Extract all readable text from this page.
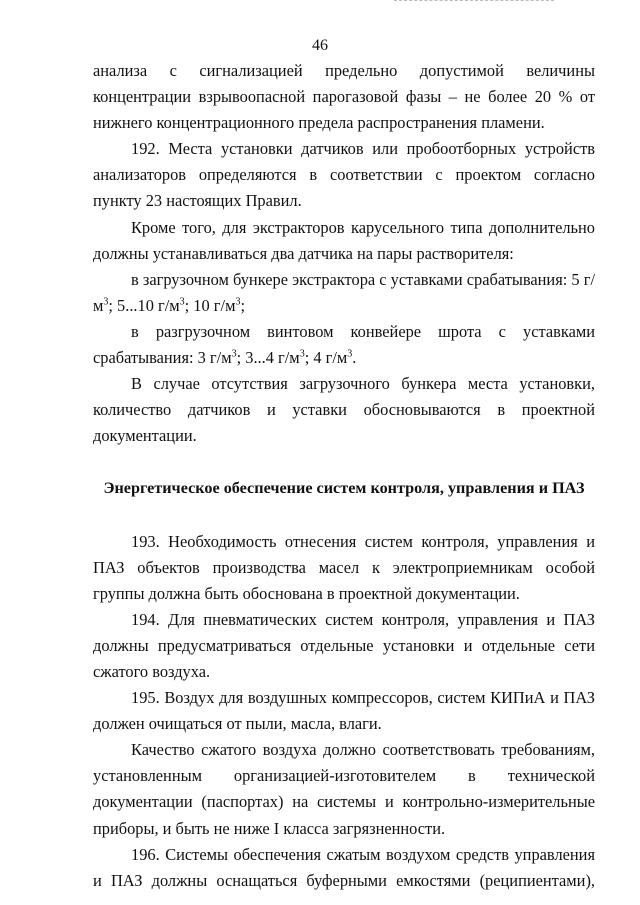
46

анализа с сигнализацией предельно допустимой величины концентрации взрывоопасной парогазовой фазы – не более 20 % от нижнего концентрационного предела распространения пламени.

192. Места установки датчиков или пробоотборных устройств анализаторов определяются в соответствии с проектом согласно пункту 23 настоящих Правил.

Кроме того, для экстракторов карусельного типа дополнительно должны устанавливаться два датчика на пары растворителя:

в загрузочном бункере экстрактора с уставками срабатывания: 5 $г/м^3$; 5...10 $г/м^3$; 10 $г/м^3$;

в разгрузочном винтовом конвейере шрота с уставками срабатывания: 3 $г/м^3$; 3...4 $г/м^3$; 4 $г/м^3$.

В случае отсутствия загрузочного бункера места установки, количество датчиков и уставки обосновываются в проектной документации.

Энергетическое обеспечение систем контроля, управления и ПАЗ

193. Необходимость отнесения систем контроля, управления и ПАЗ объектов производства масел к электроприемникам особой группы должна быть обоснована в проектной документации.

194. Для пневматических систем контроля, управления и ПАЗ должны предусматриваться отдельные установки и отдельные сети сжатого воздуха.

195. Воздух для воздушных компрессоров, систем КИПиА и ПАЗ должен очищаться от пыли, масла, влаги.

Качество сжатого воздуха должно соответствовать требованиям, установленным организацией-изготовителем в технической документации (паспортах) на системы и контрольно-измерительные приборы, и быть не ниже I класса загрязненности.

196. Системы обеспечения сжатым воздухом средств управления и ПАЗ должны оснащаться буферными емкостями (реципиентами),
